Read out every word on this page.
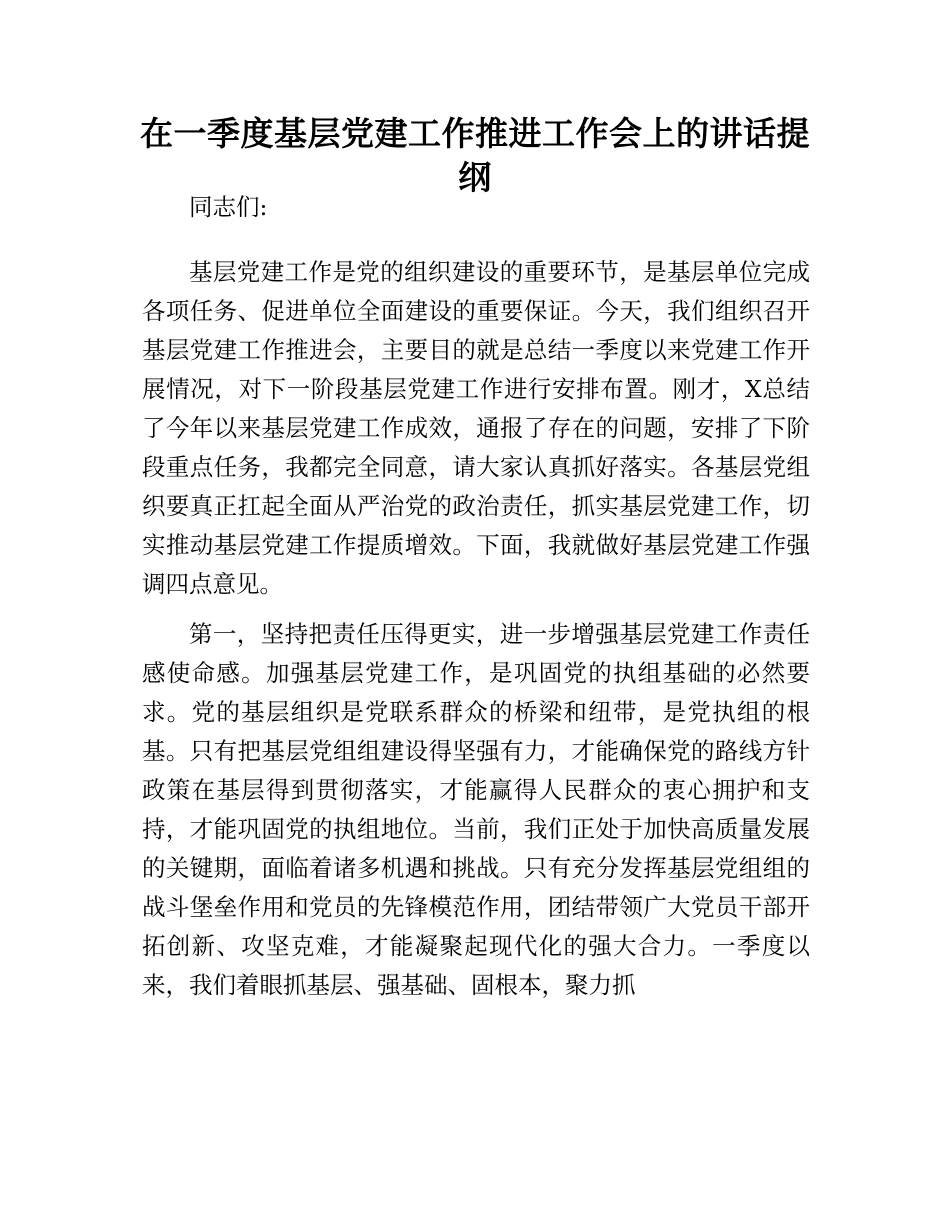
在一季度基层党建工作推进工作会上的讲话提纲

同志们:

基层党建工作是党的组织建设的重要环节，是基层单位完成各项任务、促进单位全面建设的重要保证。今天，我们组织召开基层党建工作推进会，主要目的就是总结一季度以来党建工作开展情况，对下一阶段基层党建工作进行安排布置。刚才，X总结了今年以来基层党建工作成效，通报了存在的问题，安排了下阶段重点任务，我都完全同意，请大家认真抓好落实。各基层党组织要真正扛起全面从严治党的政治责任，抓实基层党建工作，切实推动基层党建工作提质增效。下面，我就做好基层党建工作强调四点意见。

第一，坚持把责任压得更实，进一步增强基层党建工作责任感使命感。加强基层党建工作，是巩固党的执组基础的必然要求。党的基层组织是党联系群众的桥梁和纽带，是党执组的根基。只有把基层党组组建设得坚强有力，才能确保党的路线方针政策在基层得到贯彻落实，才能赢得人民群众的衷心拥护和支持，才能巩固党的执组地位。当前，我们正处于加快高质量发展的关键期，面临着诸多机遇和挑战。只有充分发挥基层党组组的战斗堡垒作用和党员的先锋模范作用，团结带领广大党员干部开拓创新、攻坚克难，才能凝聚起现代化的强大合力。一季度以来，我们着眼抓基层、强基础、固根本，聚力抓
